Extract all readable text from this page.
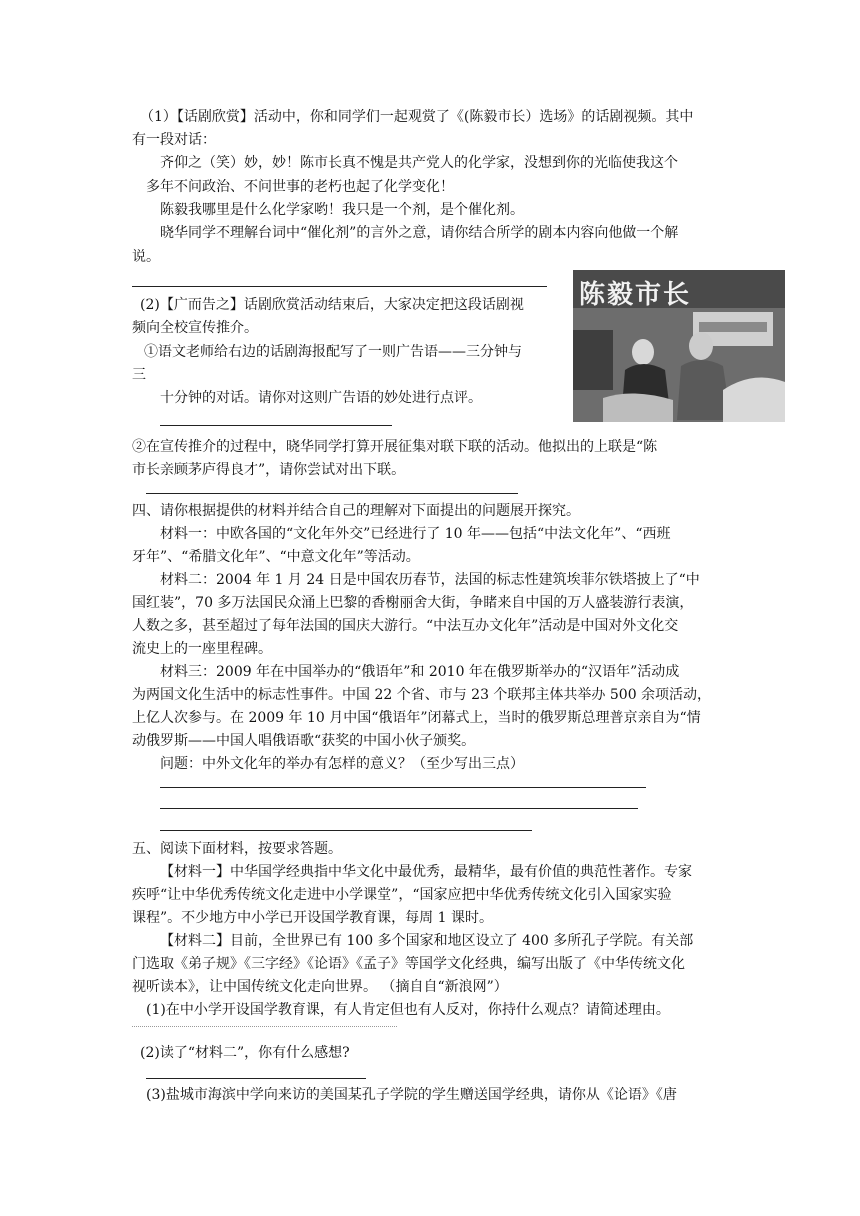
（1）【话剧欣赏】活动中，你和同学们一起观赏了《(陈毅市长）选场》的话剧视频。其中
有一段对话：
齐仰之（笑）妙，妙！陈市长真不愧是共产党人的化学家，没想到你的光临使我这个
多年不问政治、不问世事的老朽也起了化学变化！
陈毅我哪里是什么化学家哟！我只是一个剂，是个催化剂。
晓华同学不理解台词中“催化剂”的言外之意，请你结合所学的剧本内容向他做一个解
说。
(2)【广而告之】话剧欣赏活动结束后，大家决定把这段话剧视
频向全校宣传推介。
①语文老师给右边的话剧海报配写了一则广告语——三分钟与
三
十分钟的对话。请你对这则广告语的妙处进行点评。
陈毅市长
②在宣传推介的过程中，晓华同学打算开展征集对联下联的活动。他拟出的上联是“陈
市长亲顾茅庐得良才”，请你尝试对出下联。
四、请你根据提供的材料并结合自己的理解对下面提出的问题展开探究。
材料一：中欧各国的“文化年外交”已经进行了 10 年——包括“中法文化年”、“西班
牙年”、“希腊文化年”、“中意文化年”等活动。
材料二：2004 年 1 月 24 日是中国农历春节，法国的标志性建筑埃菲尔铁塔披上了“中
国红装”，70 多万法国民众涌上巴黎的香榭丽舍大街，争睹来自中国的万人盛装游行表演，
人数之多，甚至超过了每年法国的国庆大游行。“中法互办文化年”活动是中国对外文化交
流史上的一座里程碑。
材料三：2009 年在中国举办的“俄语年”和 2010 年在俄罗斯举办的“汉语年”活动成
为两国文化生活中的标志性事件。中国 22 个省、市与 23 个联邦主体共举办 500 余项活动，
上亿人次参与。在 2009 年 10 月中国“俄语年”闭幕式上，当时的俄罗斯总理普京亲自为“情
动俄罗斯——中国人唱俄语歌“获奖的中国小伙子颁奖。
问题：中外文化年的举办有怎样的意义？（至少写出三点）
五、阅读下面材料，按要求答题。
【材料一】中华国学经典指中华文化中最优秀，最精华，最有价值的典范性著作。专家
疾呼“让中华优秀传统文化走进中小学课堂”，“国家应把中华优秀传统文化引入国家实验
课程”。不少地方中小学已开设国学教育课，每周 1 课时。
【材料二】目前，全世界已有 100 多个国家和地区设立了 400 多所孔子学院。有关部
门选取《弟子规》《三字经》《论语》《孟子》等国学文化经典，编写出版了《中华传统文化
视听读本》，让中国传统文化走向世界。 （摘自自“新浪网”）
(1)在中小学开设国学教育课，有人肯定但也有人反对，你持什么观点？请简述理由。
(2)读了“材料二”，你有什么感想?
(3)盐城市海滨中学向来访的美国某孔子学院的学生赠送国学经典，请你从《论语》《唐
